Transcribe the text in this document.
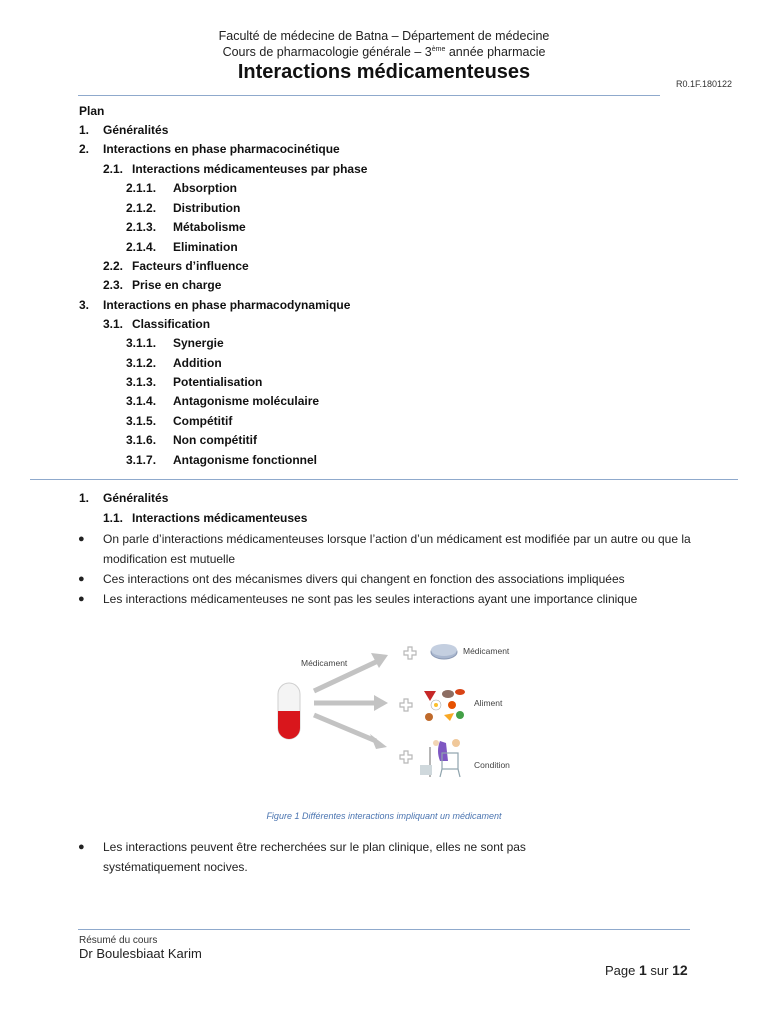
Faculté de médecine de Batna – Département de médecine
Cours de pharmacologie générale – 3ème année pharmacie
Interactions médicamenteuses
R0.1F.180122
Plan
1. Généralités
2. Interactions en phase pharmacocinétique
2.1. Interactions médicamenteuses par phase
2.1.1. Absorption
2.1.2. Distribution
2.1.3. Métabolisme
2.1.4. Elimination
2.2. Facteurs d’influence
2.3. Prise en charge
3. Interactions en phase pharmacodynamique
3.1. Classification
3.1.1. Synergie
3.1.2. Addition
3.1.3. Potentialisation
3.1.4. Antagonisme moléculaire
3.1.5. Compétitif
3.1.6. Non compétitif
3.1.7. Antagonisme fonctionnel
1. Généralités
1.1. Interactions médicamenteuses
● On parle d’interactions médicamenteuses lorsque l’action d’un médicament est modifiée par un autre ou que la modification est mutuelle
● Ces interactions ont des mécanismes divers qui changent en fonction des associations impliquées
● Les interactions médicamenteuses ne sont pas les seules interactions ayant une importance clinique
Médicament
Médicament
Aliment
Condition
Figure 1 Différentes interactions impliquant un médicament
● Les interactions peuvent être recherchées sur le plan clinique, elles ne sont pas systématiquement nocives.
Résumé du cours
Dr Boulesbiaat Karim
Page 1 sur 12
